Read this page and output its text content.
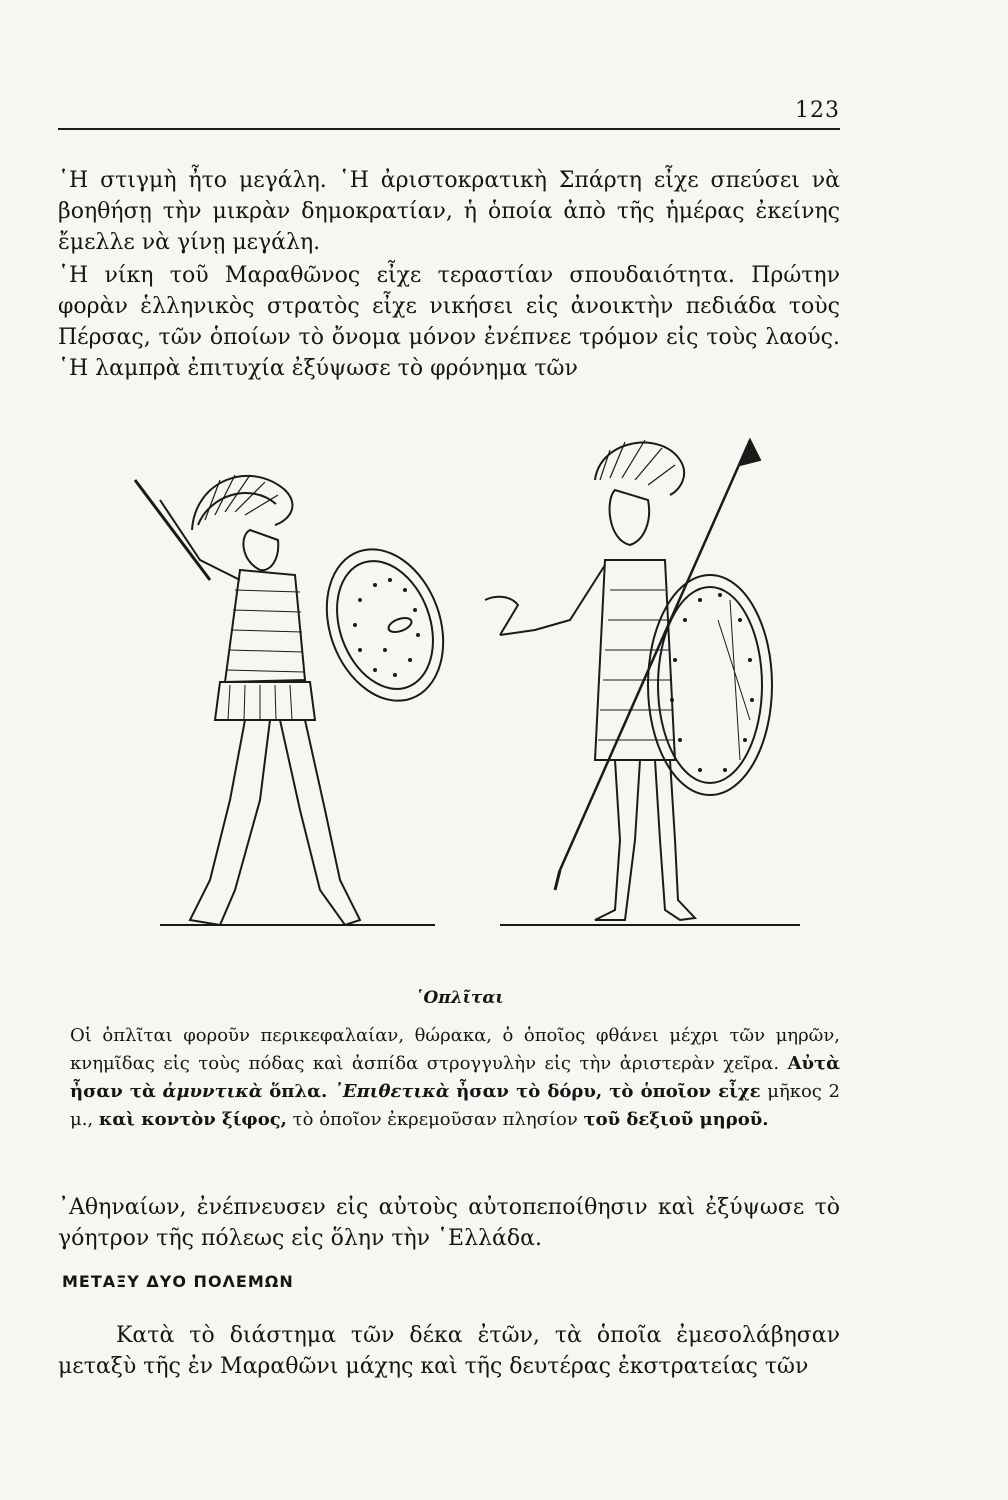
123

῾Η στιγμὴ ἦτο μεγάλη. ῾Η ἀριστοκρατικὴ Σπάρτη εἶχε σπεύσει νὰ βοηθήσῃ τὴν μικρὰν δημοκρατίαν, ἡ ὁποία ἀπὸ τῆς ἡμέρας ἐκείνης ἔμελλε νὰ γίνῃ μεγάλη.

῾Η νίκη τοῦ Μαραθῶνος εἶχε τεραστίαν σπουδαιότητα. Πρώτην φορὰν ἑλληνικὸς στρατὸς εἶχε νικήσει εἰς ἀνοικτὴν πεδιάδα τοὺς Πέρσας, τῶν ὁποίων τὸ ὄνομα μόνον ἐνέπνεε τρόμον εἰς τοὺς λαούς. ῾Η λαμπρὰ ἐπιτυχία ἐξύψωσε τὸ φρόνημα τῶν

῾Οπλῖται

Οἱ ὁπλῖται φοροῦν περικεφαλαίαν, θώρακα, ὁ ὁποῖος φθάνει μέχρι τῶν μηρῶν, κνημῖδας εἰς τοὺς πόδας καὶ ἀσπίδα στρογγυλὴν εἰς τὴν ἀριστερὰν χεῖρα. Αὐτὰ ἦσαν τὰ ἀμυντικὰ ὅπλα. ᾿Επιθετικὰ ἦσαν τὸ δόρυ, τὸ ὁποῖον εἶχε μῆκος 2 μ., καὶ κοντὸν ξίφος, τὸ ὁποῖον ἐκρεμοῦσαν πλησίον τοῦ δεξιοῦ μηροῦ.

᾿Αθηναίων, ἐνέπνευσεν εἰς αὐτοὺς αὐτοπεποίθησιν καὶ ἐξύψωσε τὸ γόητρον τῆς πόλεως εἰς ὅλην τὴν ῾Ελλάδα.

ΜΕΤΑΞΥ ΔΥΟ ΠΟΛΕΜΩΝ

Κατὰ τὸ διάστημα τῶν δέκα ἐτῶν, τὰ ὁποῖα ἐμεσολάβησαν μεταξὺ τῆς ἐν Μαραθῶνι μάχης καὶ τῆς δευτέρας ἐκστρατείας τῶν
